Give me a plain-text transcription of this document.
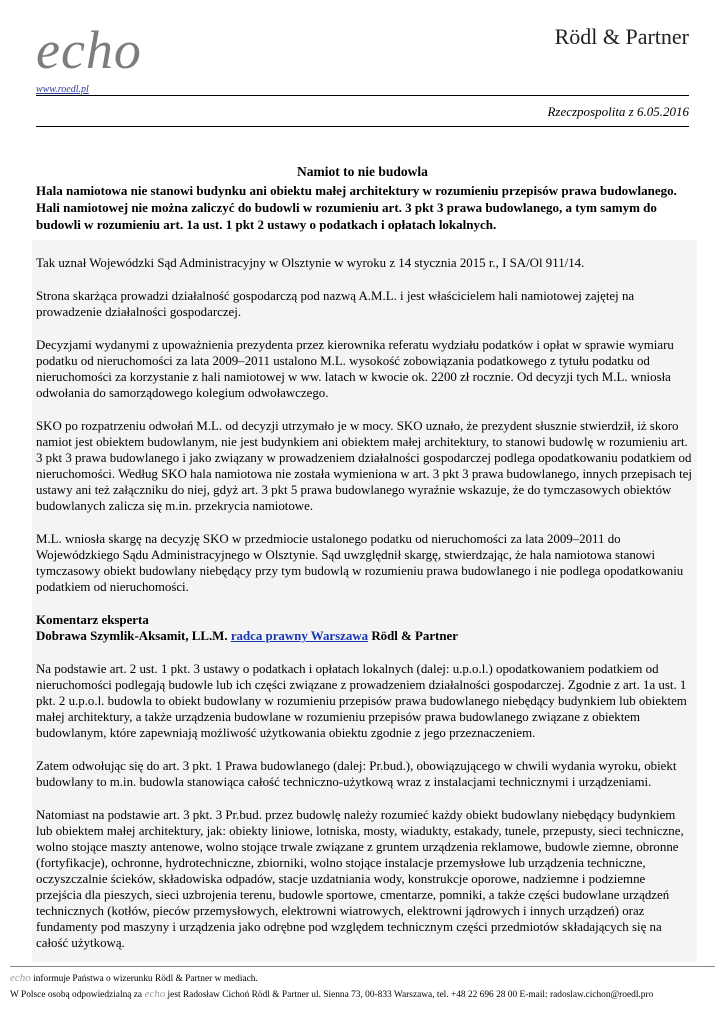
echo
www.roedl.pl
Rödl & Partner
Rzeczpospolita z 6.05.2016
Namiot to nie budowla
Hala namiotowa nie stanowi budynku ani obiektu małej architektury w rozumieniu przepisów prawa budowlanego. Hali namiotowej nie można zaliczyć do budowli w rozumieniu art. 3 pkt 3 prawa budowlanego, a tym samym do budowli w rozumieniu art. 1a ust. 1 pkt 2 ustawy o podatkach i opłatach lokalnych.

Tak uznał Wojewódzki Sąd Administracyjny w Olsztynie w wyroku z 14 stycznia 2015 r., I SA/Ol 911/14.

Strona skarżąca prowadzi działalność gospodarczą pod nazwą A.M.L. i jest właścicielem hali namiotowej zajętej na prowadzenie działalności gospodarczej.

Decyzjami wydanymi z upoważnienia prezydenta przez kierownika referatu wydziału podatków i opłat w sprawie wymiaru podatku od nieruchomości za lata 2009–2011 ustalono M.L. wysokość zobowiązania podatkowego z tytułu podatku od nieruchomości za korzystanie z hali namiotowej w ww. latach w kwocie ok. 2200 zł rocznie. Od decyzji tych M.L. wniosła odwołania do samorządowego kolegium odwoławczego.

SKO po rozpatrzeniu odwołań M.L. od decyzji utrzymało je w mocy. SKO uznało, że prezydent słusznie stwierdził, iż skoro namiot jest obiektem budowlanym, nie jest budynkiem ani obiektem małej architektury, to stanowi budowlę w rozumieniu art. 3 pkt 3 prawa budowlanego i jako związany w prowadzeniem działalności gospodarczej podlega opodatkowaniu podatkiem od nieruchomości. Według SKO hala namiotowa nie została wymieniona w art. 3 pkt 3 prawa budowlanego, innych przepisach tej ustawy ani też załączniku do niej, gdyż art. 3 pkt 5 prawa budowlanego wyraźnie wskazuje, że do tymczasowych obiektów budowlanych zalicza się m.in. przekrycia namiotowe.

M.L. wniosła skargę na decyzję SKO w przedmiocie ustalonego podatku od nieruchomości za lata 2009–2011 do Wojewódzkiego Sądu Administracyjnego w Olsztynie. Sąd uwzględnił skargę, stwierdzając, że hala namiotowa stanowi tymczasowy obiekt budowlany niebędący przy tym budowlą w rozumieniu prawa budowlanego i nie podlega opodatkowaniu podatkiem od nieruchomości.

Komentarz eksperta
Dobrawa Szymlik-Aksamit, LL.M. radca prawny Warszawa Rödl & Partner

Na podstawie art. 2 ust. 1 pkt. 3 ustawy o podatkach i opłatach lokalnych (dalej: u.p.o.l.) opodatkowaniem podatkiem od nieruchomości podlegają budowle lub ich części związane z prowadzeniem działalności gospodarczej. Zgodnie z art. 1a ust. 1 pkt. 2 u.p.o.l. budowla to obiekt budowlany w rozumieniu przepisów prawa budowlanego niebędący budynkiem lub obiektem małej architektury, a także urządzenia budowlane w rozumieniu przepisów prawa budowlanego związane z obiektem budowlanym, które zapewniają możliwość użytkowania obiektu zgodnie z jego przeznaczeniem.

Zatem odwołując się do art. 3 pkt. 1 Prawa budowlanego (dalej: Pr.bud.), obowiązującego w chwili wydania wyroku, obiekt budowlany to m.in. budowla stanowiąca całość techniczno-użytkową wraz z instalacjami technicznymi i urządzeniami.

Natomiast na podstawie art. 3 pkt. 3 Pr.bud. przez budowlę należy rozumieć każdy obiekt budowlany niebędący budynkiem lub obiektem małej architektury, jak: obiekty liniowe, lotniska, mosty, wiadukty, estakady, tunele, przepusty, sieci techniczne, wolno stojące maszty antenowe, wolno stojące trwale związane z gruntem urządzenia reklamowe, budowle ziemne, obronne (fortyfikacje), ochronne, hydrotechniczne, zbiorniki, wolno stojące instalacje przemysłowe lub urządzenia techniczne, oczyszczalnie ścieków, składowiska odpadów, stacje uzdatniania wody, konstrukcje oporowe, nadziemne i podziemne przejścia dla pieszych, sieci uzbrojenia terenu, budowle sportowe, cmentarze, pomniki, a także części budowlane urządzeń technicznych (kotłów, pieców przemysłowych, elektrowni wiatrowych, elektrowni jądrowych i innych urządzeń) oraz fundamenty pod maszyny i urządzenia jako odrębne pod względem technicznym części przedmiotów składających się na całość użytkową.

echo informuje Państwa o wizerunku Rödl & Partner w mediach.
W Polsce osobą odpowiedzialną za echo jest Radosław Cichoń Rödl & Partner ul. Sienna 73, 00-833 Warszawa, tel. +48 22 696 28 00 E-mail: radoslaw.cichon@roedl.pro
